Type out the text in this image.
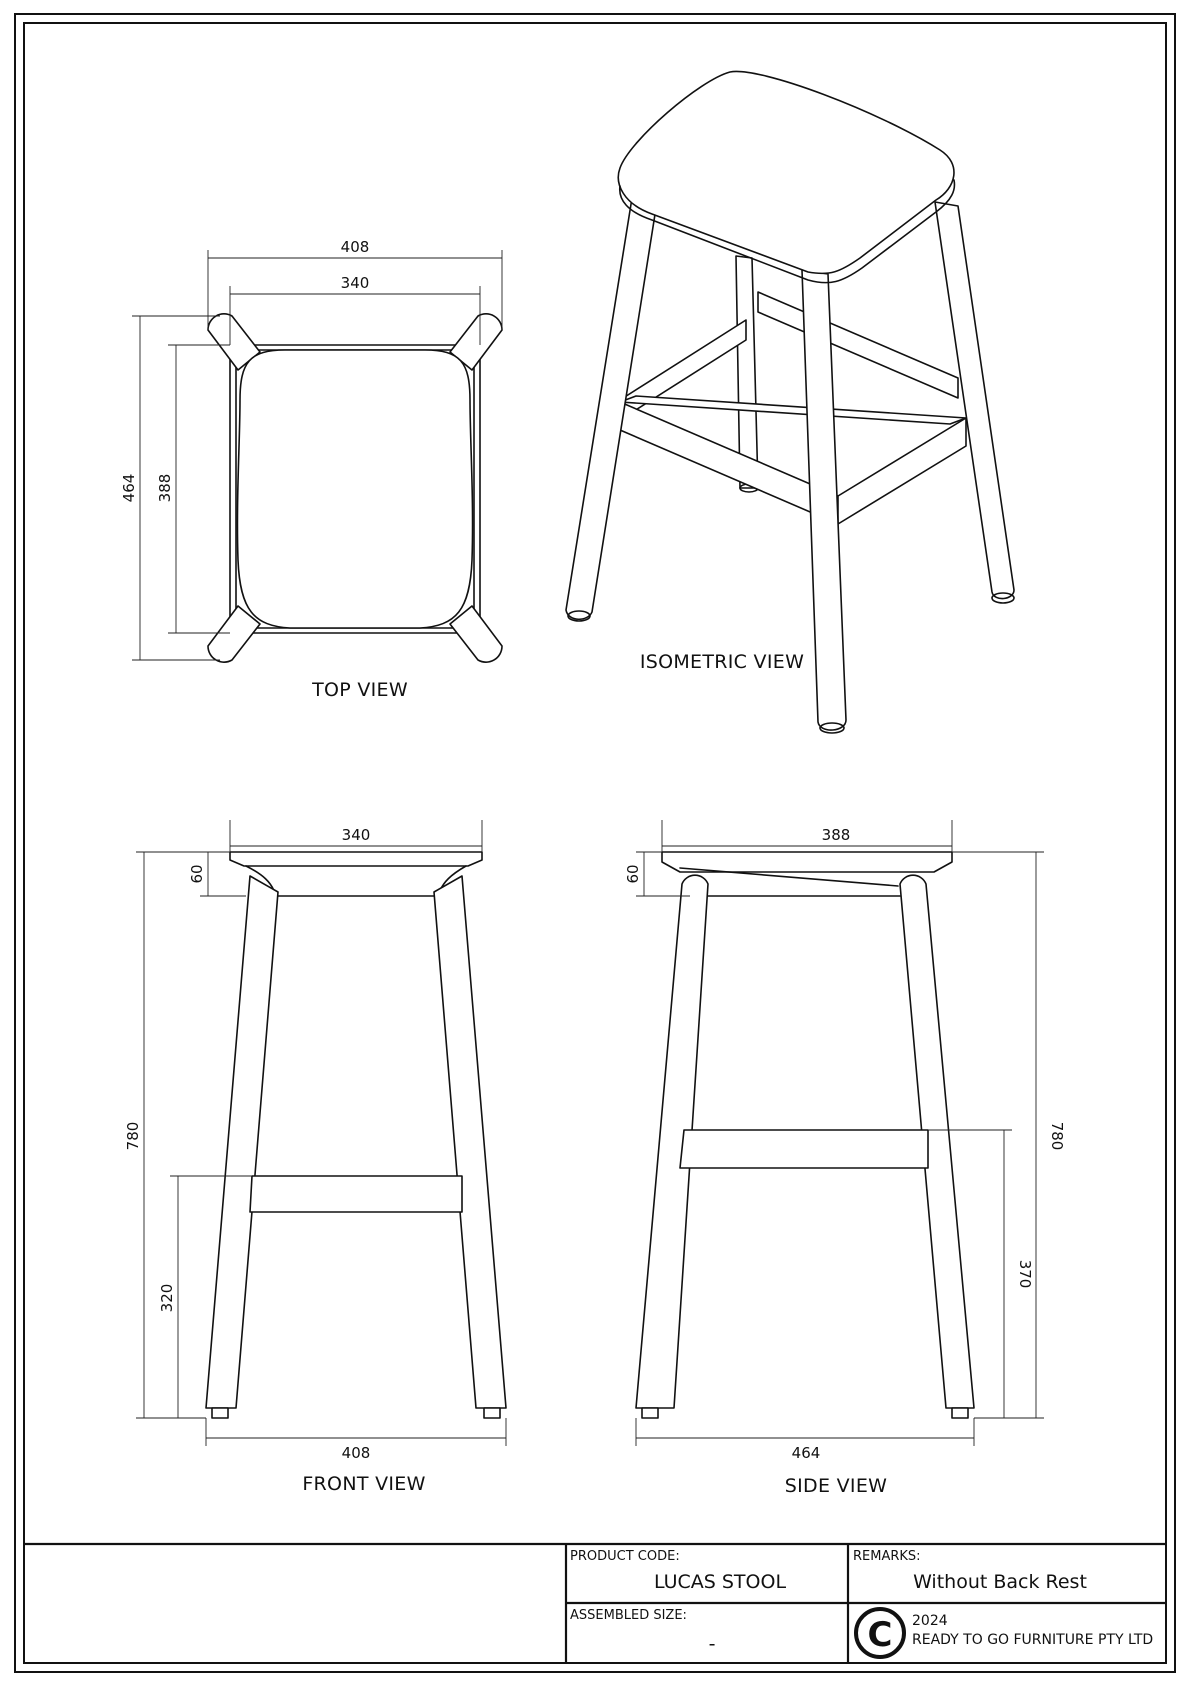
408
340
464 388
TOP VIEW
ISOMETRIC VIEW
340
408
60
780
320
FRONT VIEW
388
464
60
780
370
SIDE VIEW
PRODUCT CODE:
LUCAS STOOL
REMARKS:
Without Back Rest
ASSEMBLED SIZE:
-	C 2024
READY TO GO FURNITURE PTY LTD
